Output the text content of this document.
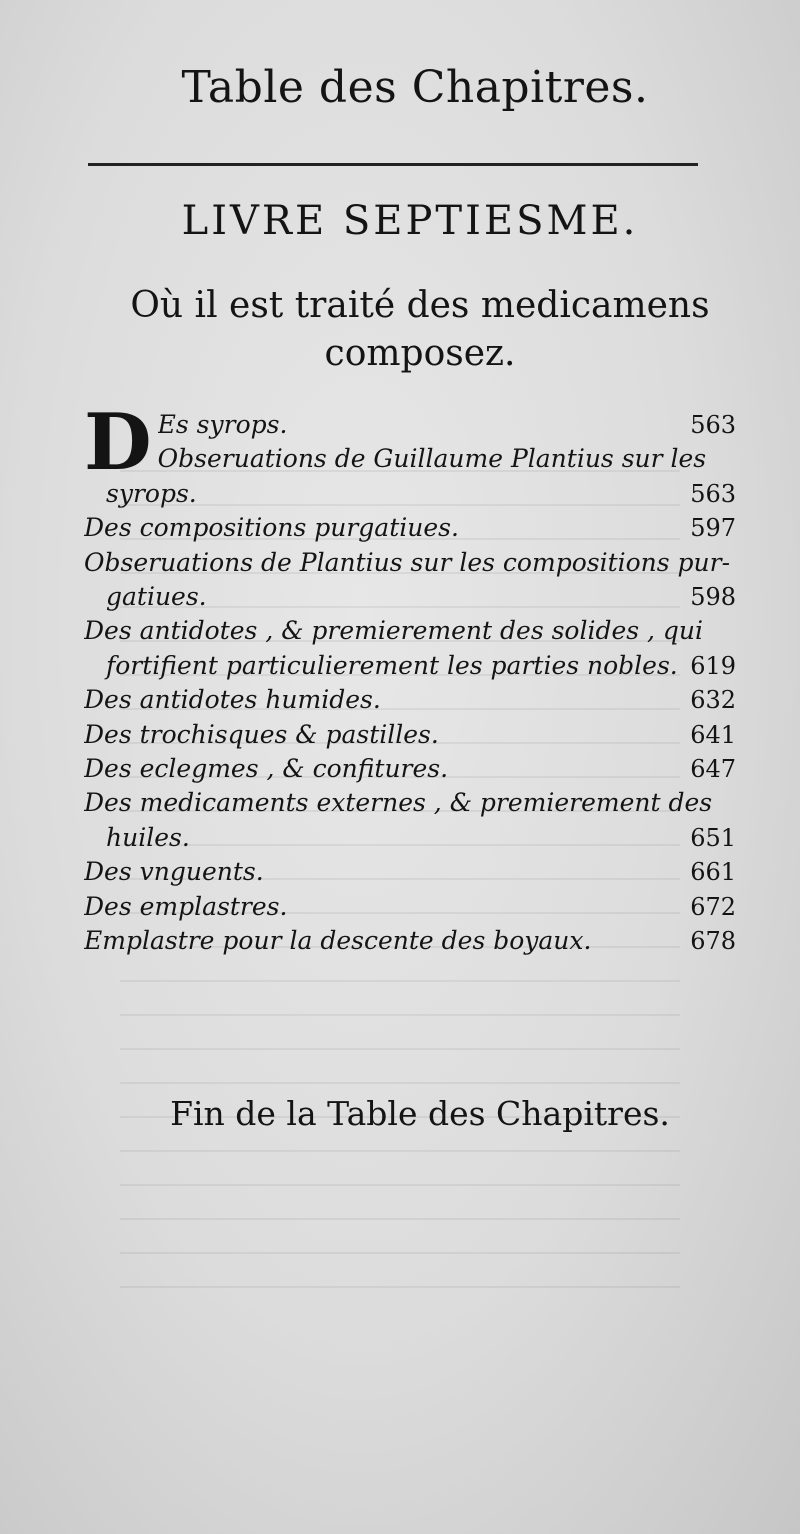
Table des Chapitres.
LIVRE SEPTIESME.
Où il est traité des medicamens
composez.
D Es syrops.	563
Obseruations de Guillaume Plantius sur les
syrops.	563
Des compositions purgatiues.	597
Obseruations de Plantius sur les compositions pur-
gatiues.	598
Des antidotes , & premierement des solides , qui
fortifient particulierement les parties nobles. 619
Des antidotes humides.	632
Des trochisques & pastilles.	641
Des eclegmes , & confitures.	647
Des medicaments externes , & premierement des
huiles.	651
Des vnguents.	661
Des emplastres.	672
Emplastre pour la descente des boyaux.	678
Fin de la Table des Chapitres.
